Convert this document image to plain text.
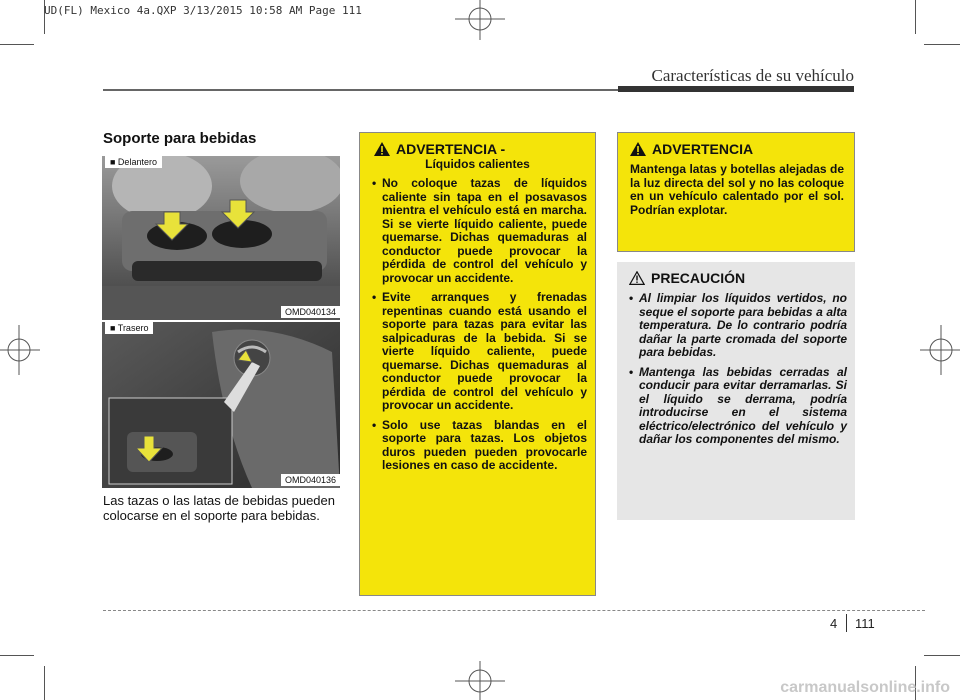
UD(FL) Mexico 4a.QXP 3/13/2015 10:58 AM Page 111
Características de su vehículo
Soporte para bebidas
■ Delantero
OMD040134
■ Trasero
OMD040136
Las tazas o las latas de bebidas pueden colocarse en el soporte para bebidas.
ADVERTENCIA -
Líquidos calientes
• No coloque tazas de líquidos caliente sin tapa en el posavasos mientra el vehículo está en marcha. Si se vierte líquido caliente, puede quemarse. Dichas quemaduras al conductor puede provocar la pérdida de control del vehículo y provocar un accidente.
• Evite arranques y frenadas repentinas cuando está usando el soporte para tazas para evitar las salpicaduras de la bebida. Si se vierte líquido caliente, puede quemarse. Dichas quemaduras al conductor puede provocar la pérdida de control del vehículo y provocar un accidente.
• Solo use tazas blandas en el soporte para tazas. Los objetos duros pueden pueden provocarle lesiones en caso de accidente.
ADVERTENCIA

Mantenga latas y botellas alejadas de la luz directa del sol y no las coloque en un vehículo calentado por el sol. Podrían explotar.

PRECAUCIÓN
• Al limpiar los líquidos vertidos, no seque el soporte para bebidas a alta temperatura. De lo contrario podría dañar la parte cromada del soporte para bebidas.
• Mantenga las bebidas cerradas al conducir para evitar derramarlas. Si el líquido se derrama, podría introducirse en el sistema eléctrico/electrónico del vehículo y dañar los componentes del mismo.
4 111
carmanualsonline.info
